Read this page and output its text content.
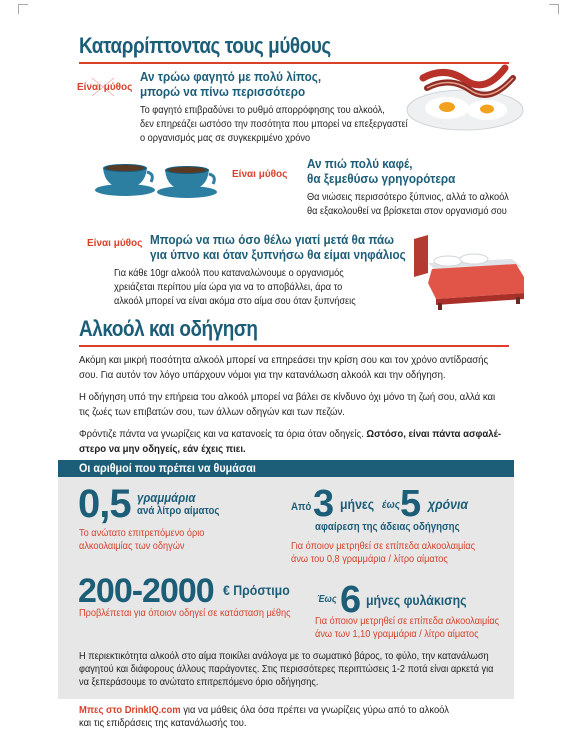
Καταρρίπτοντας τους μύθους
Είναι μύθος
Αν τρώω φαγητό με πολύ λίπος,
μπορώ να πίνω περισσότερο
Το φαγητό επιβραδύνει το ρυθμό απορρόφησης του αλκοόλ,
δεν επηρεάζει ωστόσο την ποσότητα που μπορεί να επεξεργαστεί
ο οργανισμός μας σε συγκεκριμένο χρόνο
Είναι μύθος
Αν πιώ πολύ καφέ,
θα ξεμεθύσω γρηγορότερα
Θα νιώσεις περισσότερο ξύπνιος, αλλά το αλκοόλ
θα εξακολουθεί να βρίσκεται στον οργανισμό σου
Είναι μύθος Μπορώ να πιω όσο θέλω γιατί μετά θα πάω
για ύπνο και όταν ξυπνήσω θα είμαι νηφάλιος
Για κάθε 10gr αλκοόλ που καταναλώνουμε ο οργανισμός
χρειάζεται περίπου μία ώρα για να το αποβάλλει, άρα το
αλκοόλ μπορεί να είναι ακόμα στο αίμα σου όταν ξυπνήσεις
Αλκοόλ και οδήγηση
Ακόμη και μικρή ποσότητα αλκοόλ μπορεί να επηρεάσει την κρίση σου και τον χρόνο αντίδρασής
σου. Για αυτόν τον λόγο υπάρχουν νόμοι για την κατανάλωση αλκοόλ και την οδήγηση.
Η οδήγηση υπό την επήρεια του αλκοόλ μπορεί να βάλει σε κίνδυνο όχι μόνο τη ζωή σου, αλλά και
τις ζωές των επιβατών σου, των άλλων οδηγών και των πεζών.
Φρόντιζε πάντα να γνωρίζεις και να κατανοείς τα όρια όταν οδηγείς. Ωστόσο, είναι πάντα ασφαλέ-
στερο να μην οδηγείς, εάν έχεις πιει.
Οι αριθμοί που πρέπει να θυμάσαι
0,5 γραμμάρια
ανά λίτρο αίματος
Το ανώτατο επιτρεπόμενο όριο
αλκοολαιμίας των οδηγών
Από 3 μήνες έως 5 χρόνια
αφαίρεση της άδειας οδήγησης
Για όποιον μετρηθεί σε επίπεδα αλκοολαιμίας
άνω του 0,8 γραμμάρια / λίτρο αίματος
200-2000 € Πρόστιμο
Προβλέπεται για όποιον οδηγεί σε κατάσταση μέθης
Έως 6 μήνες φυλάκισης
Για όποιον μετρηθεί σε επίπεδα αλκοολαιμίας
άνω των 1,10 γραμμάρια / λίτρο αίματος
Η περιεκτικότητα αλκοόλ στο αίμα ποικίλει ανάλογα με το σωματικό βάρος, το φύλο, την κατανάλωση
φαγητού και διάφορους άλλους παράγοντες. Στις περισσότερες περιπτώσεις 1-2 ποτά είναι αρκετά για
να ξεπεράσουμε το ανώτατο επιτρεπόμενο όριο οδήγησης.
Μπες στο DrinkIQ.com για να μάθεις όλα όσα πρέπει να γνωρίζεις γύρω από το αλκοόλ
και τις επιδράσεις της κατανάλωσής του.
